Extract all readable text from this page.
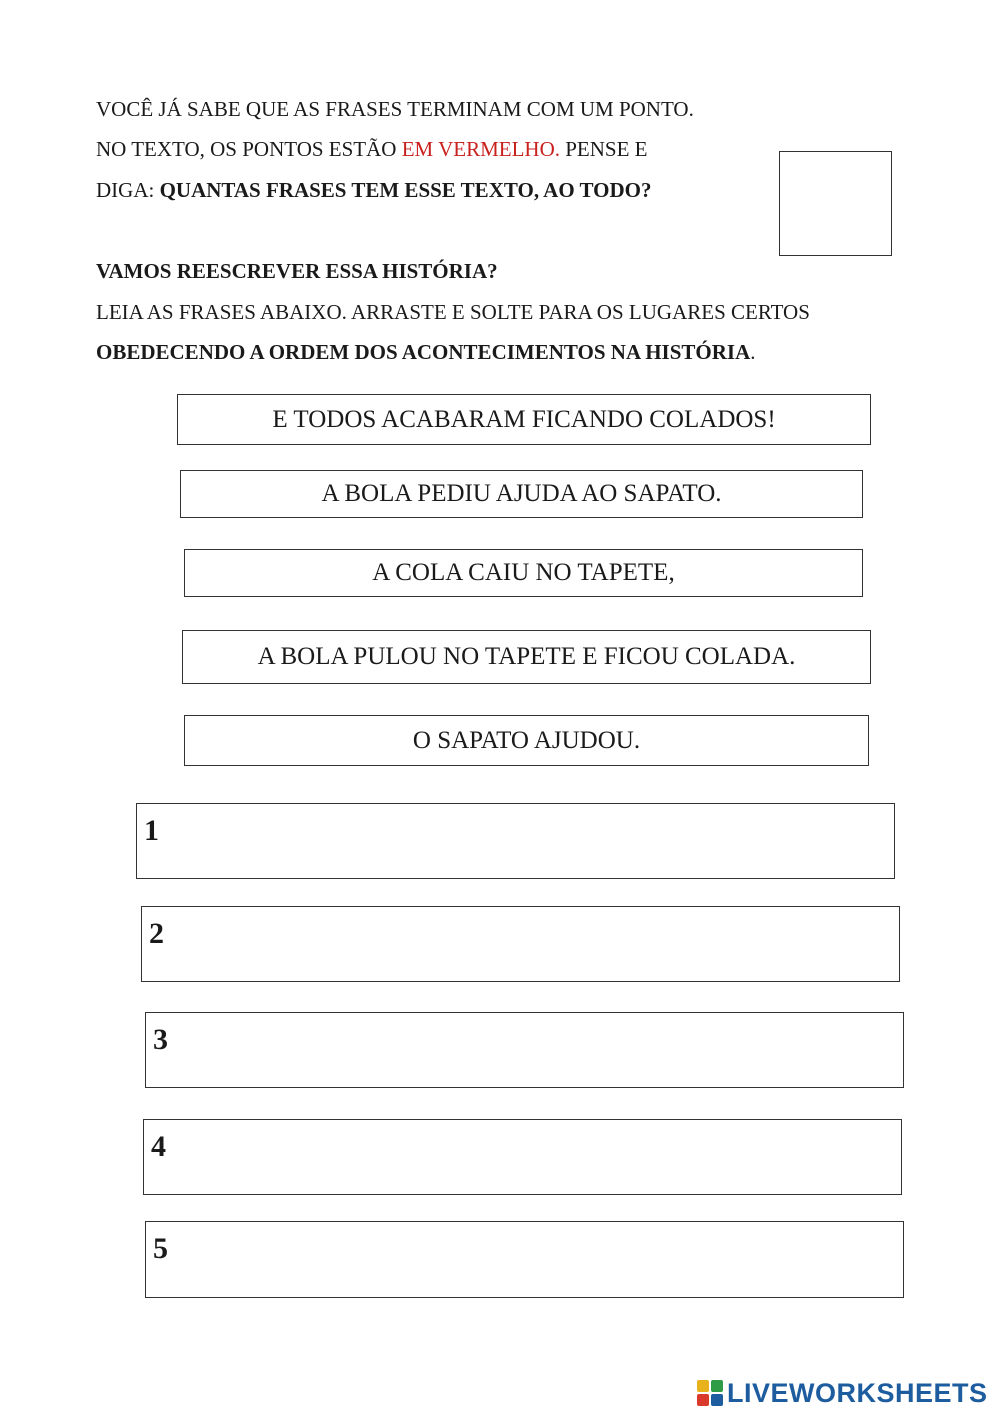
VOCÊ JÁ SABE QUE AS FRASES TERMINAM COM UM PONTO.
NO TEXTO, OS PONTOS ESTÃO EM VERMELHO. PENSE E
DIGA: QUANTAS FRASES TEM ESSE TEXTO, AO TODO?
VAMOS REESCREVER ESSA HISTÓRIA?
LEIA AS FRASES ABAIXO. ARRASTE E SOLTE PARA OS LUGARES CERTOS
OBEDECENDO A ORDEM DOS ACONTECIMENTOS NA HISTÓRIA.
E TODOS ACABARAM FICANDO COLADOS!
A BOLA PEDIU AJUDA AO SAPATO.
A COLA CAIU NO TAPETE,
A BOLA PULOU NO TAPETE E FICOU COLADA.
O SAPATO AJUDOU.
1
2
3
4
5
LIVEWORKSHEETS
